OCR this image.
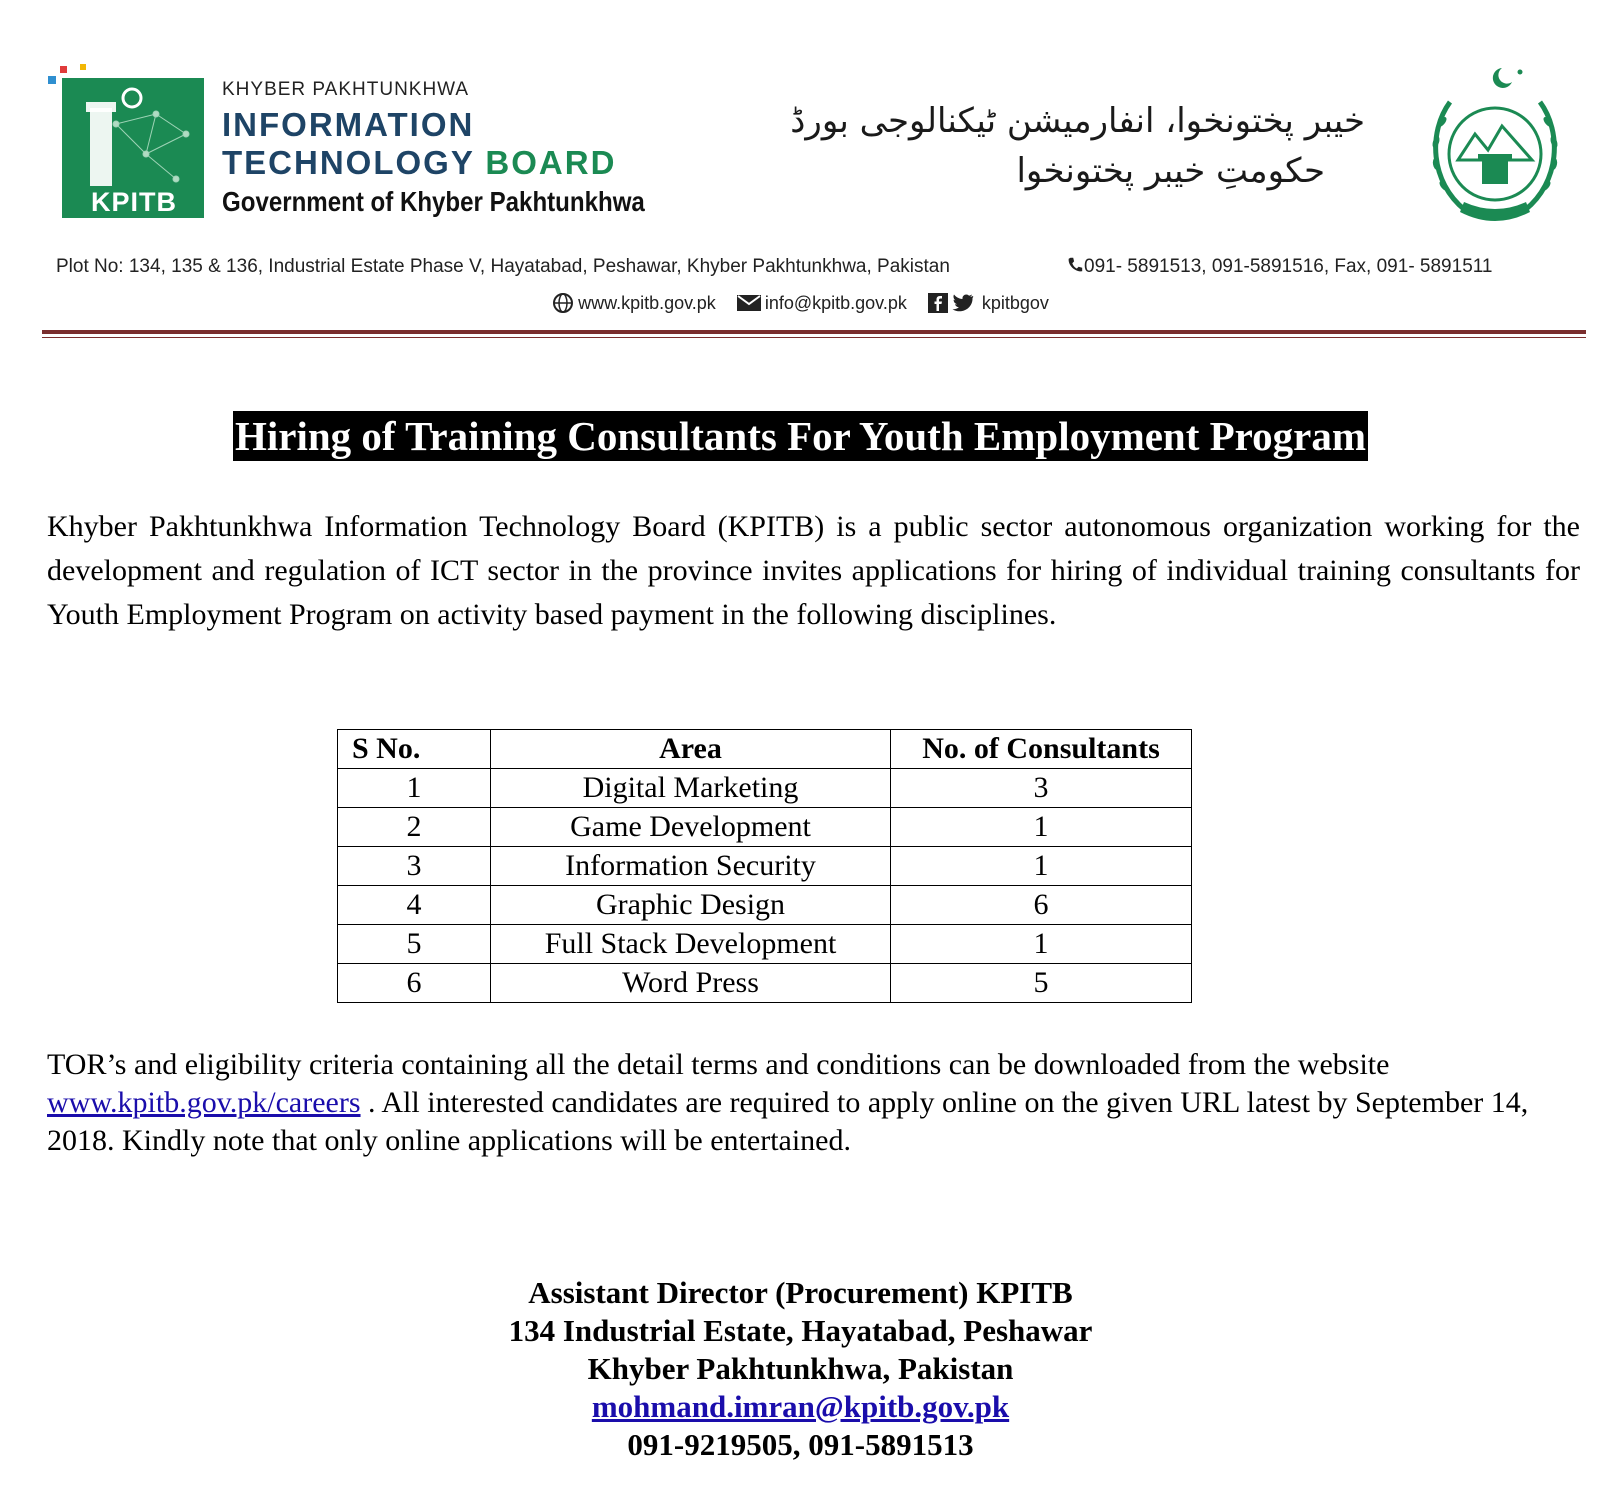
KPITB
KHYBER PAKHTUNKHWA
INFORMATION
TECHNOLOGY BOARD
Government of Khyber Pakhtunkhwa
خیبر پختونخوا، انفارمیشن ٹیکنالوجی بورڈ
حکومتِ خیبر پختونخوا
Plot No: 134, 135 & 136, Industrial Estate Phase V, Hayatabad, Peshawar, Khyber Pakhtunkhwa, Pakistan	091- 5891513, 091-5891516, Fax, 091- 5891511
www.kpitb.gov.pk
	info@kpitb.gov.pk
	kpitbgov
Hiring of Training Consultants For Youth Employment Program
Khyber Pakhtunkhwa Information Technology Board (KPITB) is a public sector autonomous organization working for the development and regulation of ICT sector in the province invites applications for hiring of individual training consultants for Youth Employment Program on activity based payment in the following disciplines.
S No.	Area	No. of Consultants
1	Digital Marketing	3
2	Game Development	1
3	Information Security	1
4	Graphic Design	6
5	Full Stack Development	1
6	Word Press	5
TOR’s and eligibility criteria containing all the detail terms and conditions can be downloaded from the website
www.kpitb.gov.pk/careers . All interested candidates are required to apply online on the given URL latest by September 14, 2018. Kindly note that only online applications will be entertained.
Assistant Director (Procurement) KPITB
134 Industrial Estate, Hayatabad, Peshawar
Khyber Pakhtunkhwa, Pakistan
mohmand.imran@kpitb.gov.pk
091-9219505, 091-5891513
